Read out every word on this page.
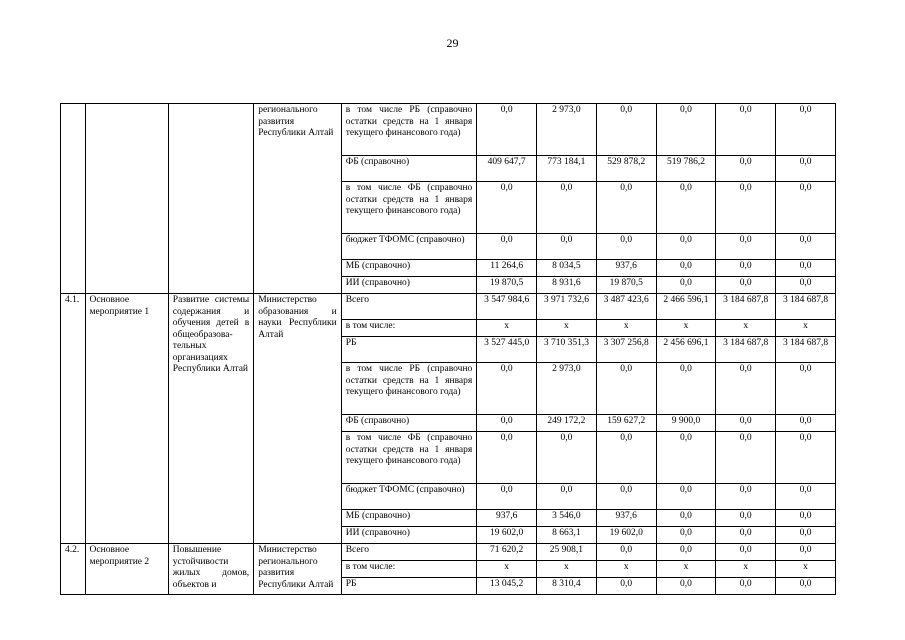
29
			регионального развития Республики Алтай	в том числе РБ (справочно остатки средств на 1 января текущего финансового года)	0,0	2 973,0	0,0	0,0	0,0	0,0
				ФБ (справочно)	409 647,7	773 184,1	529 878,2	519 786,2	0,0	0,0
				в том числе ФБ (справочно остатки средств на 1 января текущего финансового года)	0,0	0,0	0,0	0,0	0,0	0,0
				бюджет ТФОМС (справочно)	0,0	0,0	0,0	0,0	0,0	0,0
				МБ (справочно)	11 264,6	8 034,5	937,6	0,0	0,0	0,0
				ИИ (справочно)	19 870,5	8 931,6	19 870,5	0,0	0,0	0,0
4.1.	Основное мероприятие 1	Развитие системы содержания и обучения детей в общеобразова-тельных организациях Республики Алтай	Министерство образования и науки Республики Алтай	Всего	3 547 984,6	3 971 732,6	3 487 423,6	2 466 596,1	3 184 687,8	3 184 687,8
				в том числе:	х	х	х	х	х	х
				РБ	3 527 445,0	3 710 351,3	3 307 256,8	2 456 696,1	3 184 687,8	3 184 687,8
				в том числе РБ (справочно остатки средств на 1 января текущего финансового года)	0,0	2 973,0	0,0	0,0	0,0	0,0
				ФБ (справочно)	0,0	249 172,2	159 627,2	9 900,0	0,0	0,0
				в том числе ФБ (справочно остатки средств на 1 января текущего финансового года)	0,0	0,0	0,0	0,0	0,0	0,0
				бюджет ТФОМС (справочно)	0,0	0,0	0,0	0,0	0,0	0,0
				МБ (справочно)	937,6	3 546,0	937,6	0,0	0,0	0,0
				ИИ (справочно)	19 602,0	8 663,1	19 602,0	0,0	0,0	0,0
4.2.	Основное мероприятие 2	Повышение устойчивости жилых домов, объектов и	Министерство регионального развития Республики Алтай	Всего	71 620,2	25 908,1	0,0	0,0	0,0	0,0
				в том числе:	х	х	х	х	х	х
				РБ	13 045,2	8 310,4	0,0	0,0	0,0	0,0
